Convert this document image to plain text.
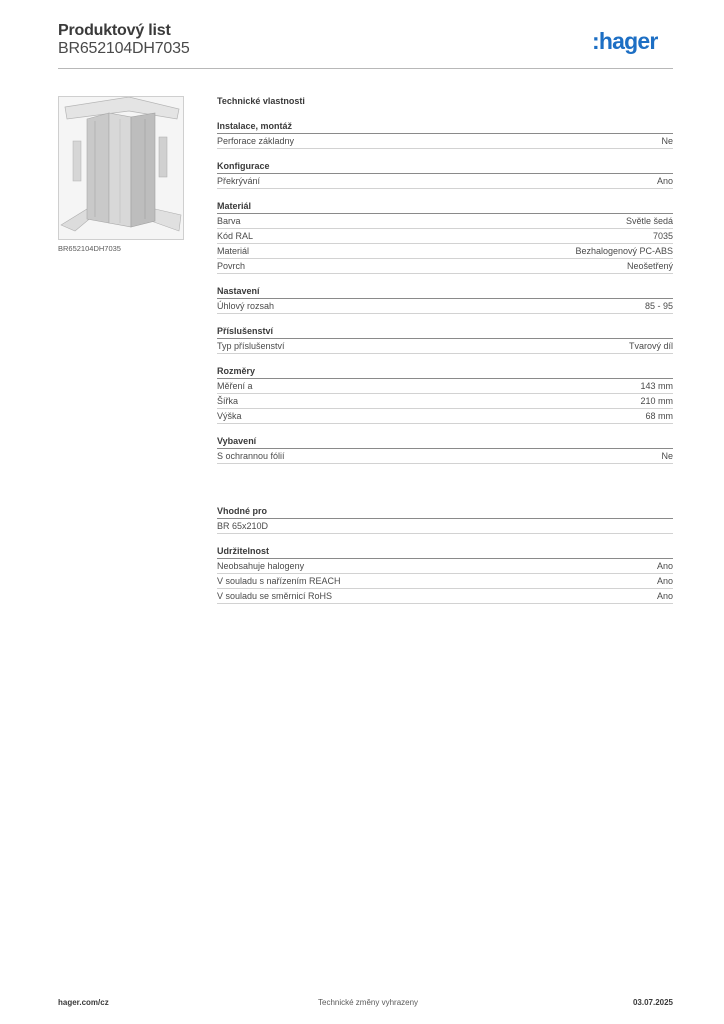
Produktový list
BR652104DH7035	:hager
BR652104DH7035
Technické vlastnosti
Instalace, montáž
Perforace základny	Ne
Konfigurace
Překrývání	Ano
Materiál
Barva	Světle šedá
Kód RAL	7035
Materiál	Bezhalogenový PC-ABS
Povrch	Neošetřený
Nastavení
Úhlový rozsah	85 - 95
Příslušenství
Typ příslušenství	Tvarový díl
Rozměry
Měření a	143 mm
Šířka	210 mm
Výška	68 mm
Vybavení
S ochrannou fólií	Ne
Vhodné pro
BR 65x210D
Udržitelnost
Neobsahuje halogeny	Ano
V souladu s nařízením REACH	Ano
V souladu se směrnicí RoHS	Ano
hager.com/cz	Technické změny vyhrazeny	03.07.2025
